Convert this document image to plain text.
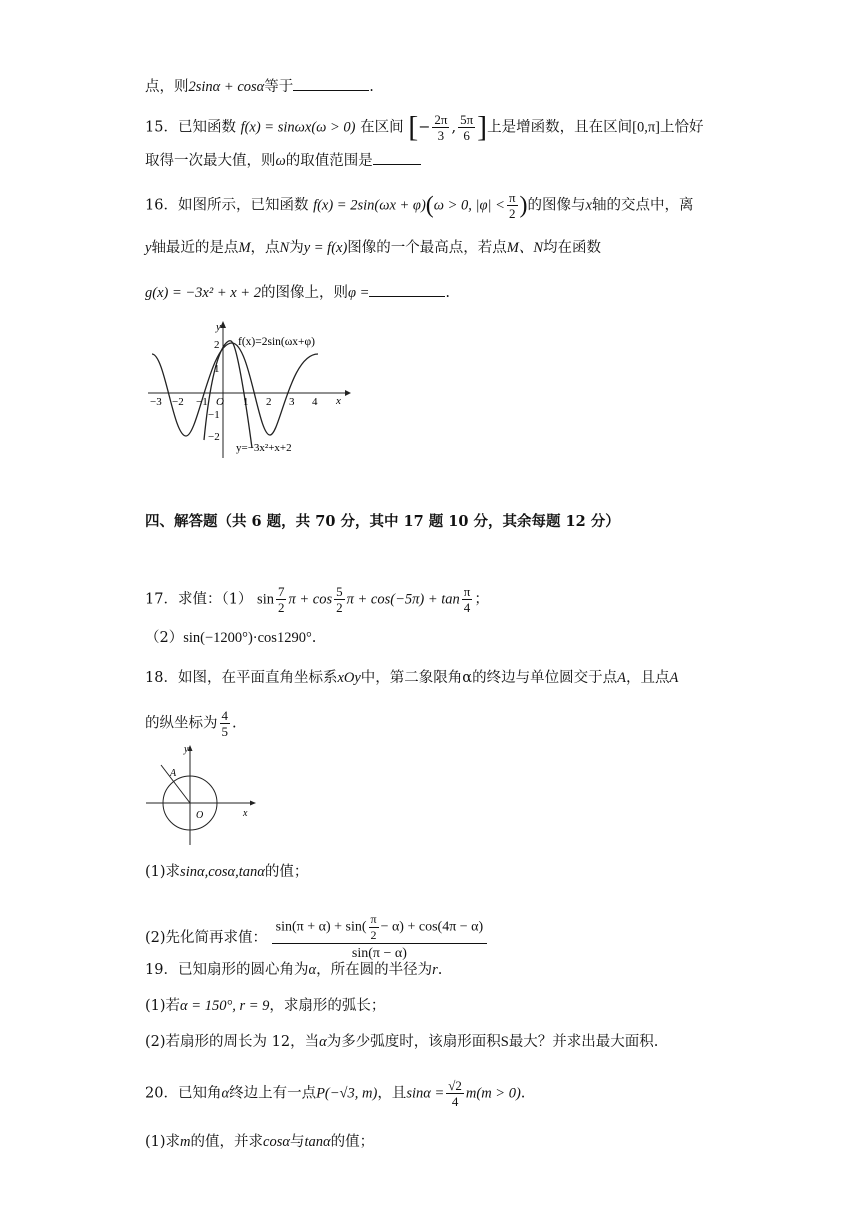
点，则2sinα + cosα等于	.
15．已知函数 f(x) = sinωx(ω > 0) 在区间 [− $\frac{2\pi}{3}$ , $\frac{5\pi}{6}$ ]上是增函数，且在区间[0,π]上恰好
取得一次最大值，则ω的取值范围是
16．如图所示，已知函数 f(x) = 2sin(ωx + φ)(ω > 0, $|\varphi| < \frac{\pi}{2}$ )的图像与x轴的交点中，离
y轴最近的是点M，点N为y = f(x)图像的一个最高点，若点M、N均在函数
g(x) = −3x² + x + 2的图像上，则φ =	.
−3 −2 −1	1 2 3 4
2
1
−1
−2
O	x
y
f(x)=2sin(ωx+φ)
y=−3x²+x+2
四、解答题（共 6 题，共 70 分，其中 17 题 10 分，其余每题 12 分）
17．求值：（1） $\sin \frac{7}{2}$ $\pi + \cos \frac{5}{2}$ $\pi + \cos(-5\pi) + \tan \frac{\pi}{4}$ ；
（2）sin(−1200°)·cos1290°.
18．如图，在平面直角坐标系xOy中，第二象限角α的终边与单位圆交于点A，且点A
的纵坐标为 $\frac{4}{5}$ .
A
O	x
y
(1)求sinα,cosα,tanα的值；
(2)先化简再求值： $\frac{\sin(\pi + \alpha) + \sin( \frac{\pi}{2} - \alpha) + \cos(4\pi - \alpha)}{\sin(\pi - \alpha)}$
19．已知扇形的圆心角为α，所在圆的半径为r.
(1)若α = 150°, r = 9，求扇形的弧长；
(2)若扇形的周长为 12，当α为多少弧度时，该扇形面积S最大？并求出最大面积.
20．已知角α终边上有一点P(−√3, m)，且$\sin\alpha = \frac{√2}{4} m(m > 0)$.
(1)求m的值，并求cosα与tanα的值；
